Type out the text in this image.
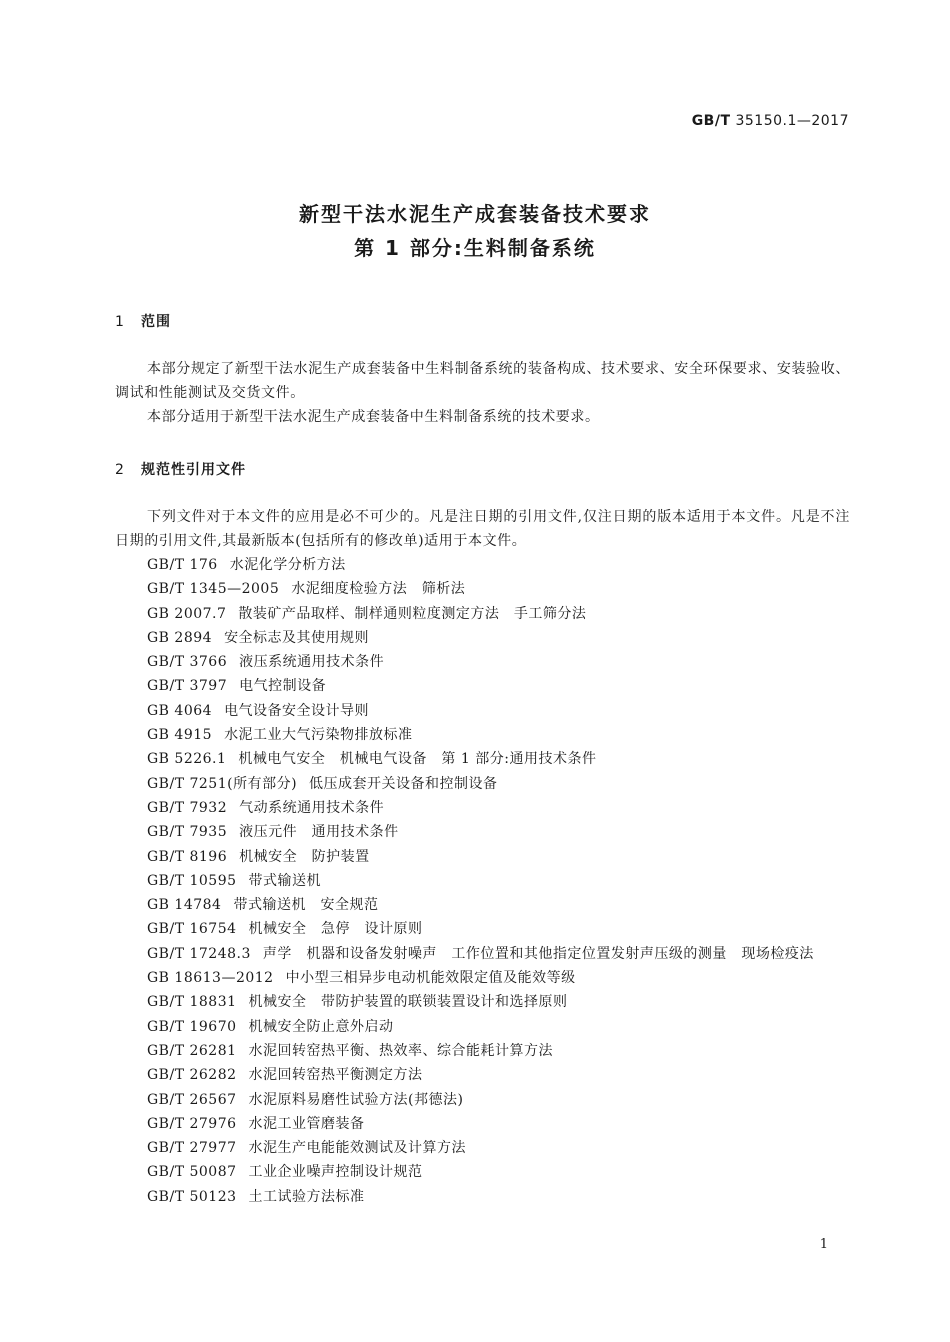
GB/T 35150.1—2017
新型干法水泥生产成套装备技术要求
第 1 部分:生料制备系统
1 范围

本部分规定了新型干法水泥生产成套装备中生料制备系统的装备构成、技术要求、安全环保要求、安装验收、调试和性能测试及交货文件。

本部分适用于新型干法水泥生产成套装备中生料制备系统的技术要求。

2 规范性引用文件

下列文件对于本文件的应用是必不可少的。凡是注日期的引用文件,仅注日期的版本适用于本文件。凡是不注日期的引用文件,其最新版本(包括所有的修改单)适用于本文件。

GB/T 176 水泥化学分析方法
GB/T 1345—2005 水泥细度检验方法　筛析法
GB 2007.7 散装矿产品取样、制样通则粒度测定方法　手工筛分法
GB 2894 安全标志及其使用规则
GB/T 3766 液压系统通用技术条件
GB/T 3797 电气控制设备
GB 4064 电气设备安全设计导则
GB 4915 水泥工业大气污染物排放标准
GB 5226.1 机械电气安全　机械电气设备　第 1 部分:通用技术条件
GB/T 7251(所有部分) 低压成套开关设备和控制设备
GB/T 7932 气动系统通用技术条件
GB/T 7935 液压元件　通用技术条件
GB/T 8196 机械安全　防护装置
GB/T 10595 带式输送机
GB 14784 带式输送机　安全规范
GB/T 16754 机械安全　急停　设计原则
GB/T 17248.3 声学　机器和设备发射噪声　工作位置和其他指定位置发射声压级的测量　现场检疫法
GB 18613—2012 中小型三相异步电动机能效限定值及能效等级
GB/T 18831 机械安全　带防护装置的联锁装置设计和选择原则
GB/T 19670 机械安全防止意外启动
GB/T 26281 水泥回转窑热平衡、热效率、综合能耗计算方法
GB/T 26282 水泥回转窑热平衡测定方法
GB/T 26567 水泥原料易磨性试验方法(邦德法)
GB/T 27976 水泥工业管磨装备
GB/T 27977 水泥生产电能能效测试及计算方法
GB/T 50087 工业企业噪声控制设计规范
GB/T 50123 土工试验方法标准
1
